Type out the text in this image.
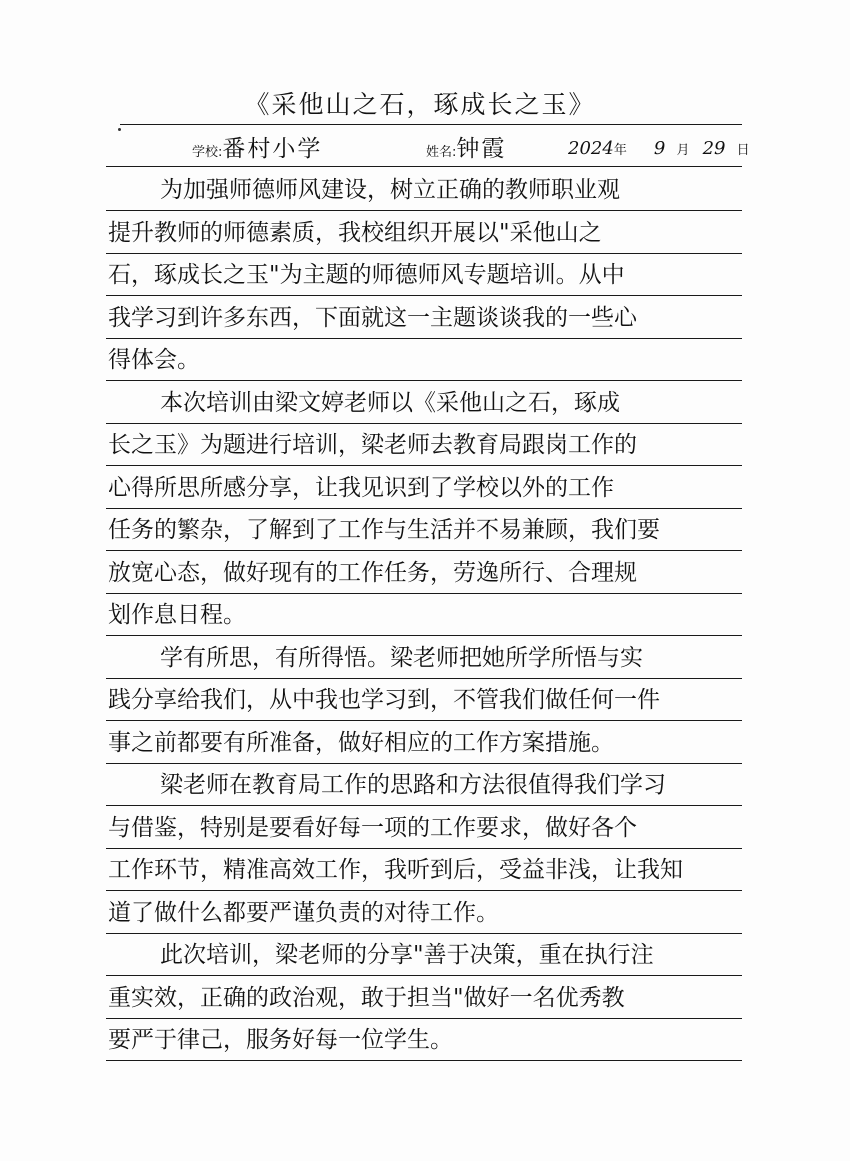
《采他山之石，琢成长之玉》
学校:番村小学	姓名:钟霞	2024年 9 月 29 日
为加强师德师风建设，树立正确的教师职业观
提升教师的师德素质，我校组织开展以"采他山之
石，琢成长之玉"为主题的师德师风专题培训。从中
我学习到许多东西，下面就这一主题谈谈我的一些心
得体会。
本次培训由梁文婷老师以《采他山之石，琢成
长之玉》为题进行培训，梁老师去教育局跟岗工作的
心得所思所感分享，让我见识到了学校以外的工作
任务的繁杂，了解到了工作与生活并不易兼顾，我们要
放宽心态，做好现有的工作任务，劳逸所行、合理规
划作息日程。
学有所思，有所得悟。梁老师把她所学所悟与实
践分享给我们，从中我也学习到，不管我们做任何一件
事之前都要有所准备，做好相应的工作方案措施。
梁老师在教育局工作的思路和方法很值得我们学习
与借鉴，特别是要看好每一项的工作要求，做好各个
工作环节，精准高效工作，我听到后，受益非浅，让我知
道了做什么都要严谨负责的对待工作。
此次培训，梁老师的分享"善于决策，重在执行注
重实效，正确的政治观，敢于担当"做好一名优秀教
要严于律己，服务好每一位学生。
